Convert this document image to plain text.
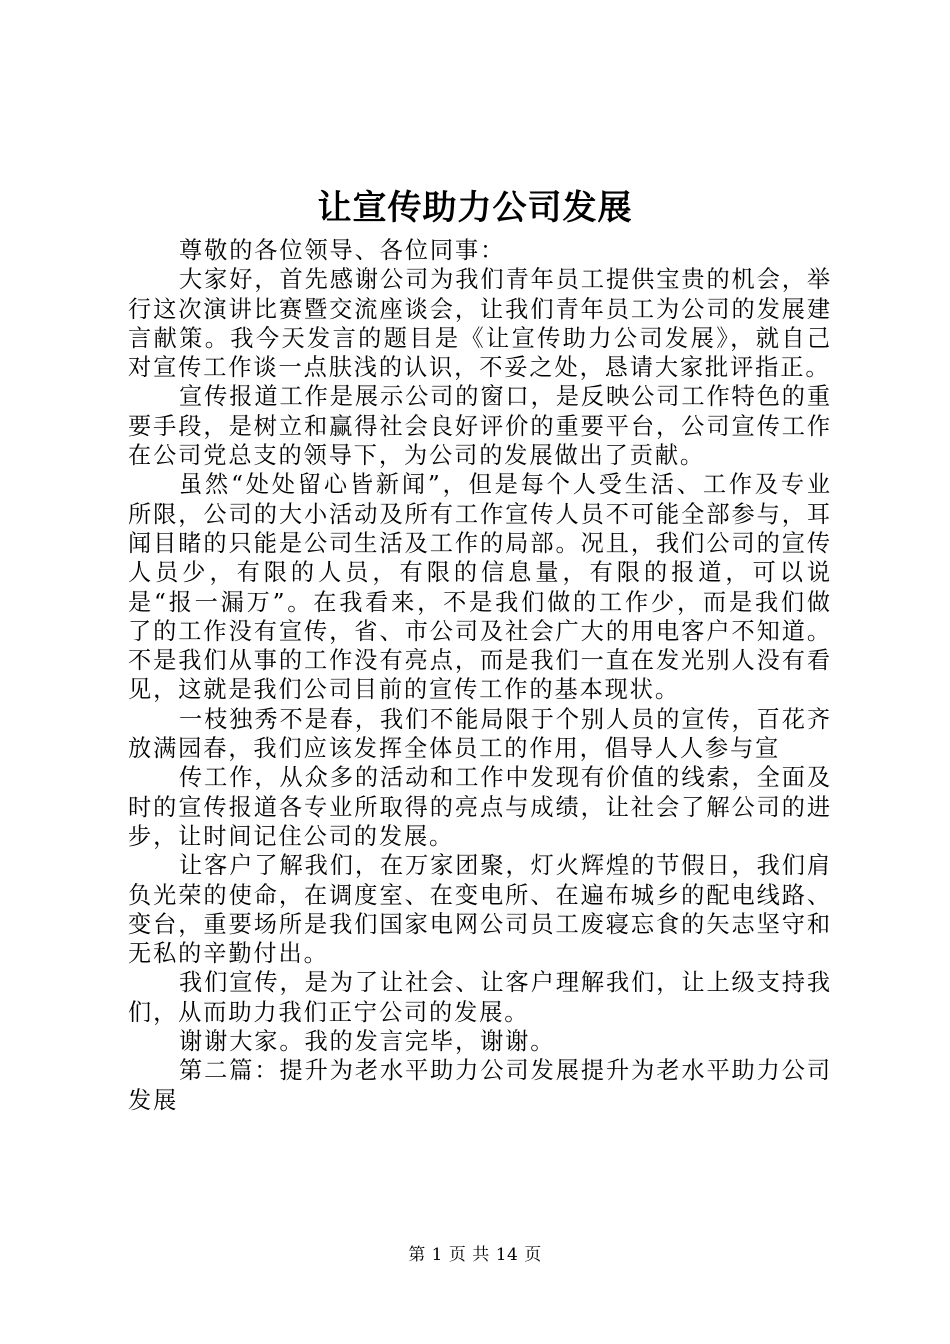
让宣传助力公司发展

尊敬的各位领导、各位同事：

大家好，首先感谢公司为我们青年员工提供宝贵的机会，举行这次演讲比赛暨交流座谈会，让我们青年员工为公司的发展建言献策。我今天发言的题目是《让宣传助力公司发展》，就自己对宣传工作谈一点肤浅的认识，不妥之处，恳请大家批评指正。

宣传报道工作是展示公司的窗口，是反映公司工作特色的重要手段，是树立和赢得社会良好评价的重要平台，公司宣传工作在公司党总支的领导下，为公司的发展做出了贡献。

虽然“处处留心皆新闻”，但是每个人受生活、工作及专业所限，公司的大小活动及所有工作宣传人员不可能全部参与，耳闻目睹的只能是公司生活及工作的局部。况且，我们公司的宣传人员少，有限的人员，有限的信息量，有限的报道，可以说是“报一漏万”。在我看来，不是我们做的工作少，而是我们做了的工作没有宣传，省、市公司及社会广大的用电客户不知道。不是我们从事的工作没有亮点，而是我们一直在发光别人没有看见，这就是我们公司目前的宣传工作的基本现状。

一枝独秀不是春，我们不能局限于个别人员的宣传，百花齐放满园春，我们应该发挥全体员工的作用，倡导人人参与宣

传工作，从众多的活动和工作中发现有价值的线索，全面及时的宣传报道各专业所取得的亮点与成绩，让社会了解公司的进步，让时间记住公司的发展。

让客户了解我们，在万家团聚，灯火辉煌的节假日，我们肩负光荣的使命，在调度室、在变电所、在遍布城乡的配电线路、变台，重要场所是我们国家电网公司员工废寝忘食的矢志坚守和无私的辛勤付出。

我们宣传，是为了让社会、让客户理解我们，让上级支持我们，从而助力我们正宁公司的发展。

谢谢大家。我的发言完毕，谢谢。

第二篇：提升为老水平助力公司发展提升为老水平助力公司发展

第 1 页 共 14 页
